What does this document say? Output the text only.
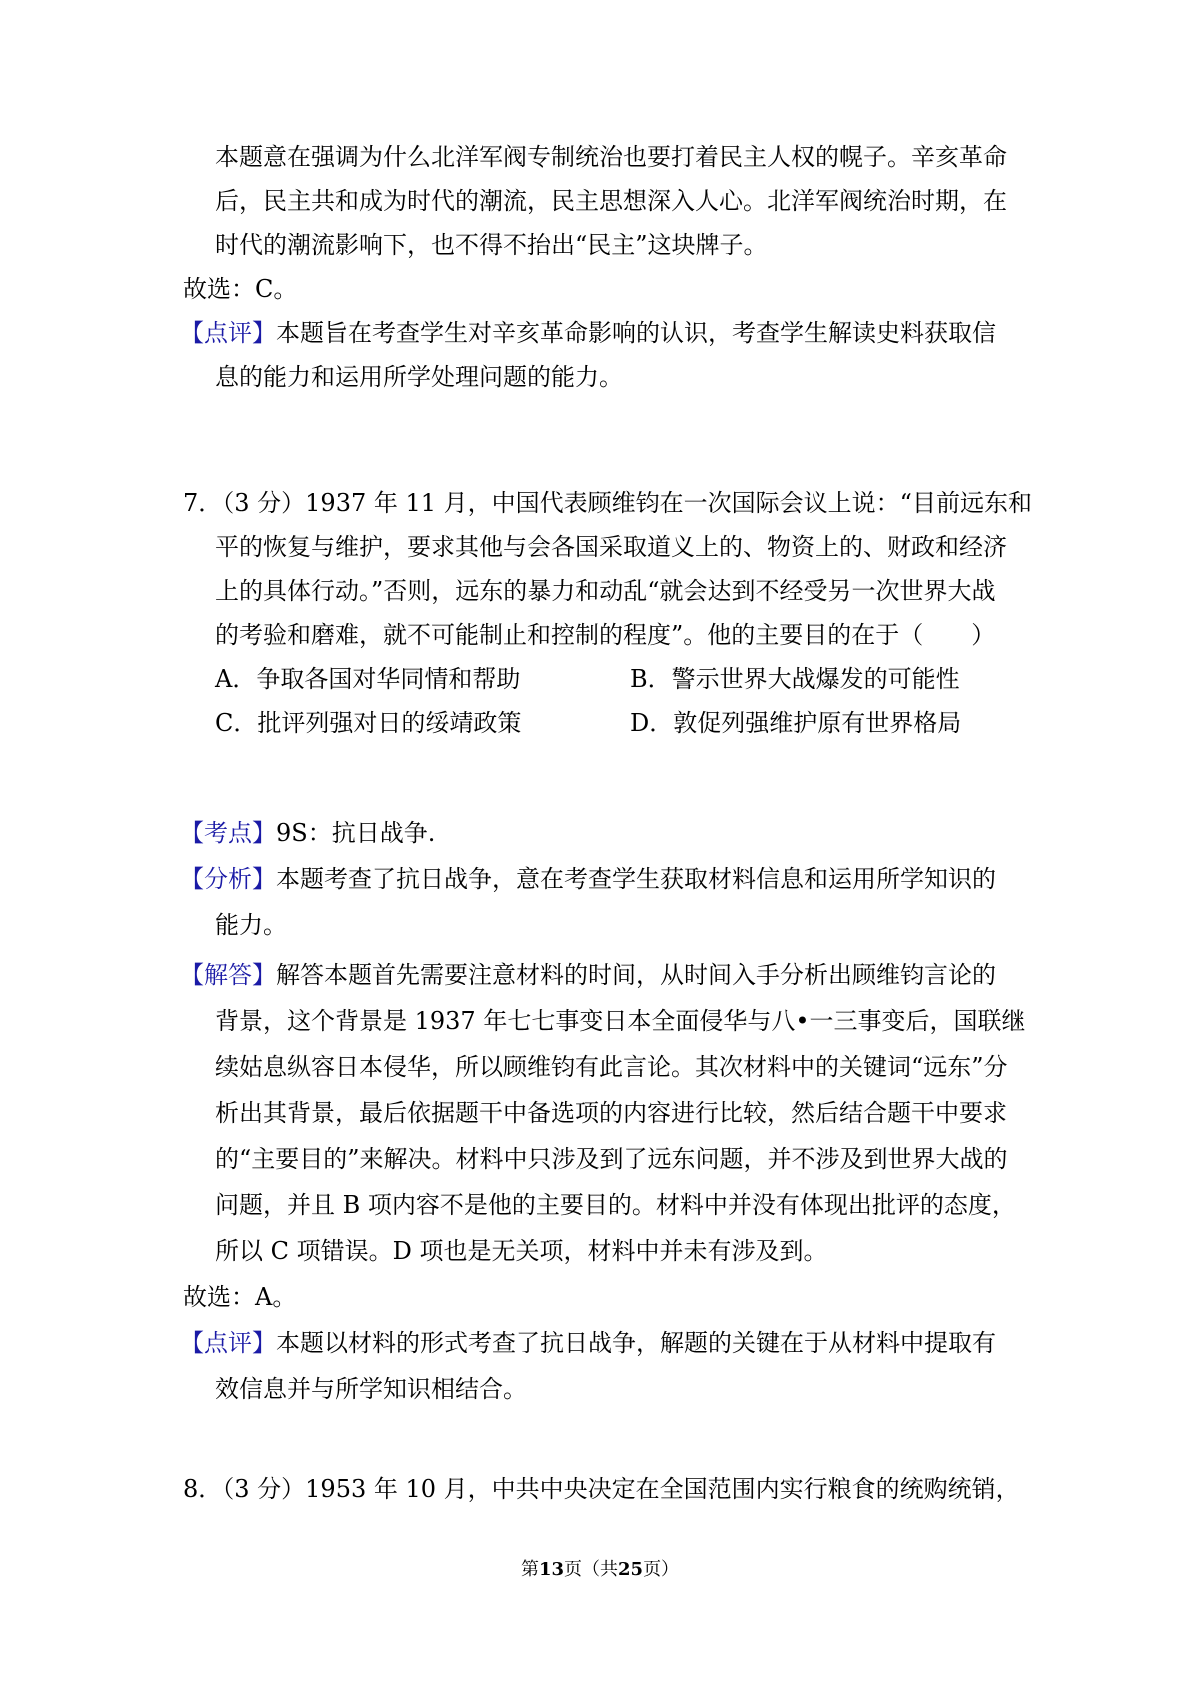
本题意在强调为什么北洋军阀专制统治也要打着民主人权的幌子。辛亥革命
后，民主共和成为时代的潮流，民主思想深入人心。北洋军阀统治时期，在
时代的潮流影响下，也不得不抬出“民主”这块牌子。
故选：C。
【点评】本题旨在考查学生对辛亥革命影响的认识，考查学生解读史料获取信
息的能力和运用所学处理问题的能力。
7．（3 分）1937 年 11 月，中国代表顾维钧在一次国际会议上说：“目前远东和
平的恢复与维护，要求其他与会各国采取道义上的、物资上的、财政和经济
上的具体行动。”否则，远东的暴力和动乱“就会达到不经受另一次世界大战
的考验和磨难，就不可能制止和控制的程度”。他的主要目的在于（　　）
A．争取各国对华同情和帮助	B．警示世界大战爆发的可能性
C．批评列强对日的绥靖政策	D．敦促列强维护原有世界格局
【考点】9S：抗日战争.
【分析】本题考查了抗日战争，意在考查学生获取材料信息和运用所学知识的
能力。
【解答】解答本题首先需要注意材料的时间，从时间入手分析出顾维钧言论的
背景，这个背景是 1937 年七七事变日本全面侵华与八•一三事变后，国联继
续姑息纵容日本侵华，所以顾维钧有此言论。其次材料中的关键词“远东”分
析出其背景，最后依据题干中备选项的内容进行比较，然后结合题干中要求
的“主要目的”来解决。材料中只涉及到了远东问题，并不涉及到世界大战的
问题，并且 B 项内容不是他的主要目的。材料中并没有体现出批评的态度，
所以 C 项错误。D 项也是无关项，材料中并未有涉及到。
故选：A。
【点评】本题以材料的形式考查了抗日战争，解题的关键在于从材料中提取有
效信息并与所学知识相结合。
8．（3 分）1953 年 10 月，中共中央决定在全国范围内实行粮食的统购统销，
第13页（共25页）
